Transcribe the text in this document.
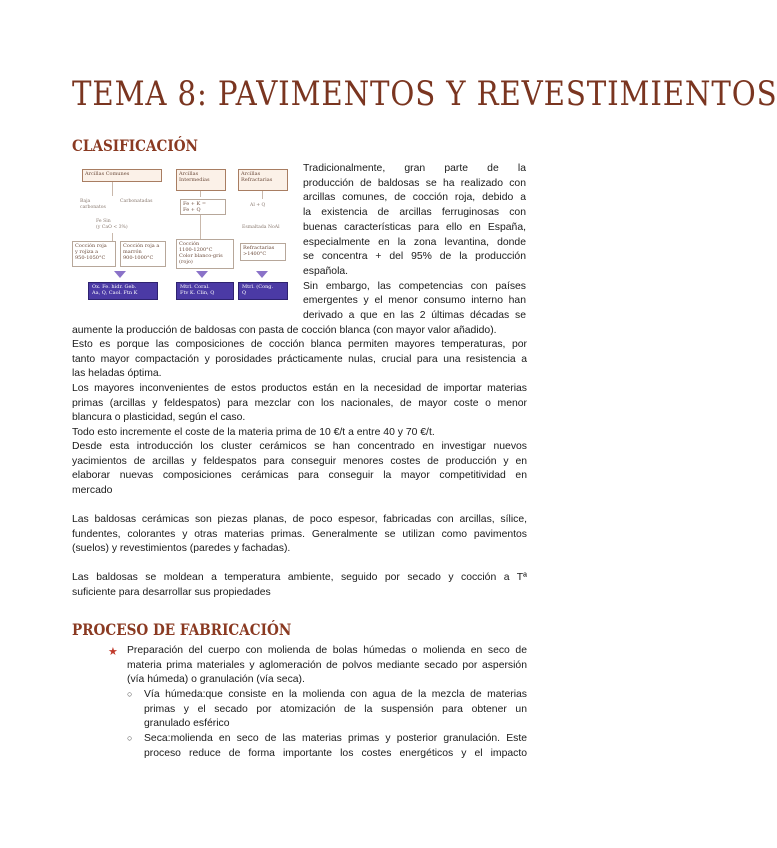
TEMA 8: PAVIMENTOS Y REVESTIMIENTOS
CLASIFICACIÓN
Arcillas Comunes
Baja
carbonatos
Carbonatadas
Fe Sin
(y CaO < 3%)
Cocción roja
y rojiza a
950-1050°C
Cocción roja a
marrón
900-1000°C
Ox. Fe. hidr. Geb.
Aa, Q, Caol. Ftn K
Arcillas
Intermedias
Fe + K =
Fe + Q
Cocción
1100-1200°C
Color blanco-gris
(rojo)
Mtrl. Coral.
Ftv K. Clin, Q
Arcillas
Refractarias
Al + Q
Esmaltada NoAl
Refractarias
>1400°C
Mtrl. (Cong.
Q
Tradicionalmente, gran parte de la
producción de baldosas se ha realizado con
arcillas comunes, de cocción roja, debido a
la existencia de arcillas ferruginosas con
buenas características para ello en España,
especialmente en la zona levantina, donde
se concentra + del 95% de la producción
española.
Sin embargo, las competencias con países
emergentes y el menor consumo interno han
derivado a que en las 2 últimas décadas se

aumente la producción de baldosas con pasta de cocción blanca (con mayor valor añadido).

Esto es porque las composiciones de cocción blanca permiten mayores temperaturas, por
tanto mayor compactación y porosidades prácticamente nulas, crucial para una resistencia a
las heladas óptima.
Los mayores inconvenientes de estos productos están en la necesidad de importar materias
primas (arcillas y feldespatos) para mezclar con los nacionales, de mayor coste o menor
blancura o plasticidad, según el caso.

Todo esto incremente el coste de la materia prima de 10 €/t a entre 40 y 70 €/t.

Desde esta introducción los cluster cerámicos se han concentrado en investigar nuevos
yacimientos de arcillas y feldespatos para conseguir menores costes de producción y en
elaborar nuevas composiciones cerámicas para conseguir la mayor competitividad en
mercado
Las baldosas cerámicas son piezas planas, de poco espesor, fabricadas con arcillas, sílice,
fundentes, colorantes y otras materias primas. Generalmente se utilizan como pavimentos
(suelos) y revestimientos (paredes y fachadas).
Las baldosas se moldean a temperatura ambiente, seguido por secado y cocción a Tª
suficiente para desarrollar sus propiedades
PROCESO DE FABRICACIÓN
★ Preparación del cuerpo con molienda de bolas húmedas o molienda en seco de
materia prima materiales y aglomeración de polvos mediante secado por aspersión
(vía húmeda) o granulación (vía seca).
○ Vía húmeda:que consiste en la molienda con agua de la mezcla de materias
primas y el secado por atomización de la suspensión para obtener un
granulado esférico
○ Seca:molienda en seco de las materias primas y posterior granulación. Este
proceso reduce de forma importante los costes energéticos y el impacto
